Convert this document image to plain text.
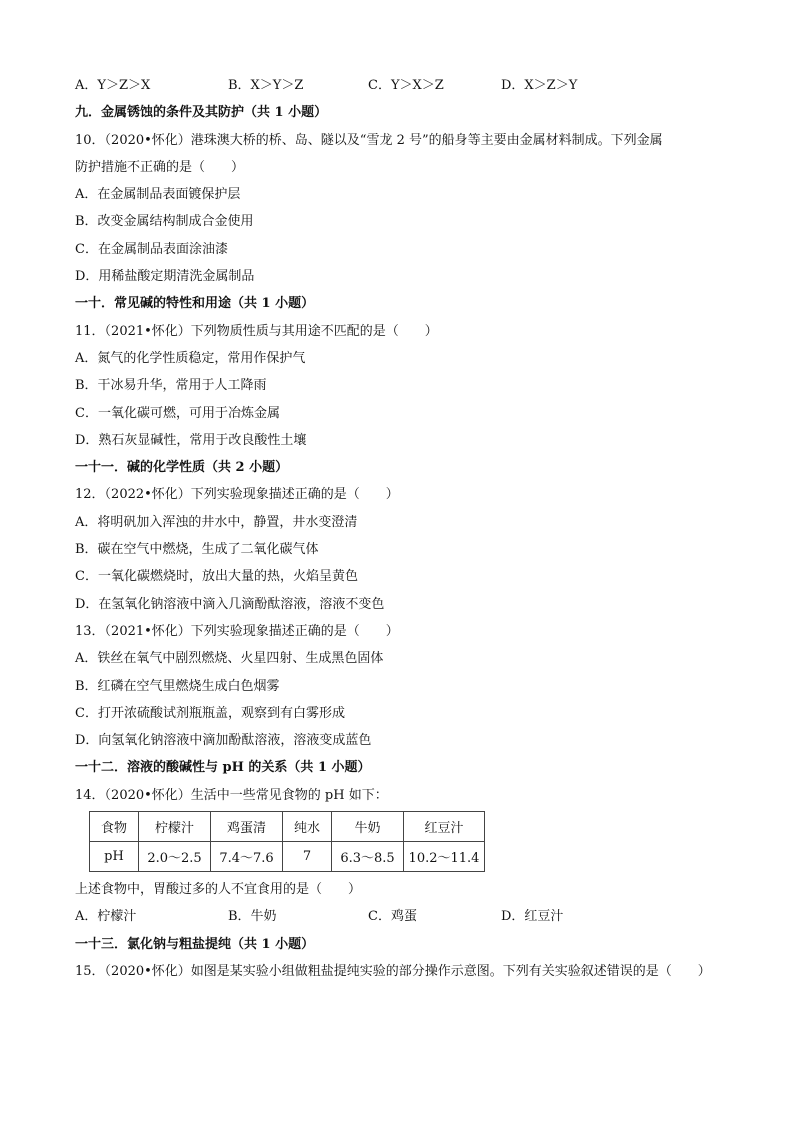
A．Y＞Z＞X	B．X＞Y＞Z	C．Y＞X＞Z	D．X＞Z＞Y
九．金属锈蚀的条件及其防护（共 1 小题）
10．（2020•怀化）港珠澳大桥的桥、岛、隧以及“雪龙 2 号”的船身等主要由金属材料制成。下列金属
防护措施不正确的是（　　）
A．在金属制品表面镀保护层
B．改变金属结构制成合金使用
C．在金属制品表面涂油漆
D．用稀盐酸定期清洗金属制品
一十．常见碱的特性和用途（共 1 小题）
11．（2021•怀化）下列物质性质与其用途不匹配的是（　　）
A．氮气的化学性质稳定，常用作保护气
B．干冰易升华，常用于人工降雨
C．一氧化碳可燃，可用于冶炼金属
D．熟石灰显碱性，常用于改良酸性土壤
一十一．碱的化学性质（共 2 小题）
12．（2022•怀化）下列实验现象描述正确的是（　　）
A．将明矾加入浑浊的井水中，静置，井水变澄清
B．碳在空气中燃烧，生成了二氧化碳气体
C．一氧化碳燃烧时，放出大量的热，火焰呈黄色
D．在氢氧化钠溶液中滴入几滴酚酞溶液，溶液不变色
13．（2021•怀化）下列实验现象描述正确的是（　　）
A．铁丝在氧气中剧烈燃烧、火星四射、生成黑色固体
B．红磷在空气里燃烧生成白色烟雾
C．打开浓硫酸试剂瓶瓶盖，观察到有白雾形成
D．向氢氧化钠溶液中滴加酚酞溶液，溶液变成蓝色
一十二．溶液的酸碱性与 pH 的关系（共 1 小题）
14．（2020•怀化）生活中一些常见食物的 pH 如下：
食物	柠檬汁	鸡蛋清	纯水	牛奶	红豆汁
pH	2.0～2.5	7.4～7.6	7	6.3～8.5	10.2～11.4
上述食物中，胃酸过多的人不宜食用的是（　　）
A．柠檬汁	B．牛奶	C．鸡蛋	D．红豆汁
一十三．氯化钠与粗盐提纯（共 1 小题）
15．（2020•怀化）如图是某实验小组做粗盐提纯实验的部分操作示意图。下列有关实验叙述错误的是（　　）
